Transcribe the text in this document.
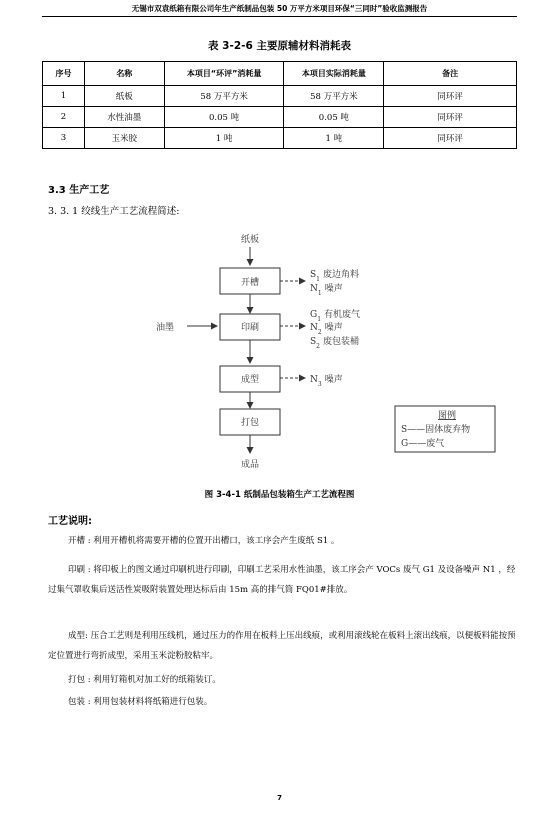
无锡市双袁纸箱有限公司年生产纸制品包装 50 万平方米项目环保“三同时”验收监测报告
表 3-2-6 主要原辅材料消耗表
序号	名称	本项目“环评”消耗量	本项目实际消耗量	备注
1	纸板	58 万平方米	58 万平方米	同环评
2	水性油墨	0.05 吨	0.05 吨	同环评
3	玉米胶	1 吨	1 吨	同环评
3.3 生产工艺
3. 3. 1 绞线生产工艺流程简述:
纸板
开槽
印刷
成型
打包
成品
油墨
$S_1$ 废边角料
$N_1$ 噪声
$G_1$ 有机废气
$N_2$ 噪声
$S_2$ 废包装桶
$N_3$ 噪声
图例
S——固体废弃物
G——废气
图 3-4-1 纸制品包装箱生产工艺流程图
工艺说明:

开槽 : 利用开槽机将需要开槽的位置开出槽口，该工序会产生废纸 S1 。

印刷 : 将印板上的图文通过印刷机进行印刷，印刷工艺采用水性油墨，该工序会产 VOCs 废气 G1 及设备噪声 N1 ，经过集气罩收集后送活性炭吸附装置处理达标后由 15m 高的排气筒 FQ01#排放。

成型: 压合工艺则是利用压线机，通过压力的作用在板料上压出线痕，或利用滚线轮在板料上滚出线痕，以便板料能按预定位置进行弯折成型，采用玉米淀粉胶粘牢。

打包 : 利用钉箱机对加工好的纸箱装订。

包装 : 利用包装材料将纸箱进行包装。

7
